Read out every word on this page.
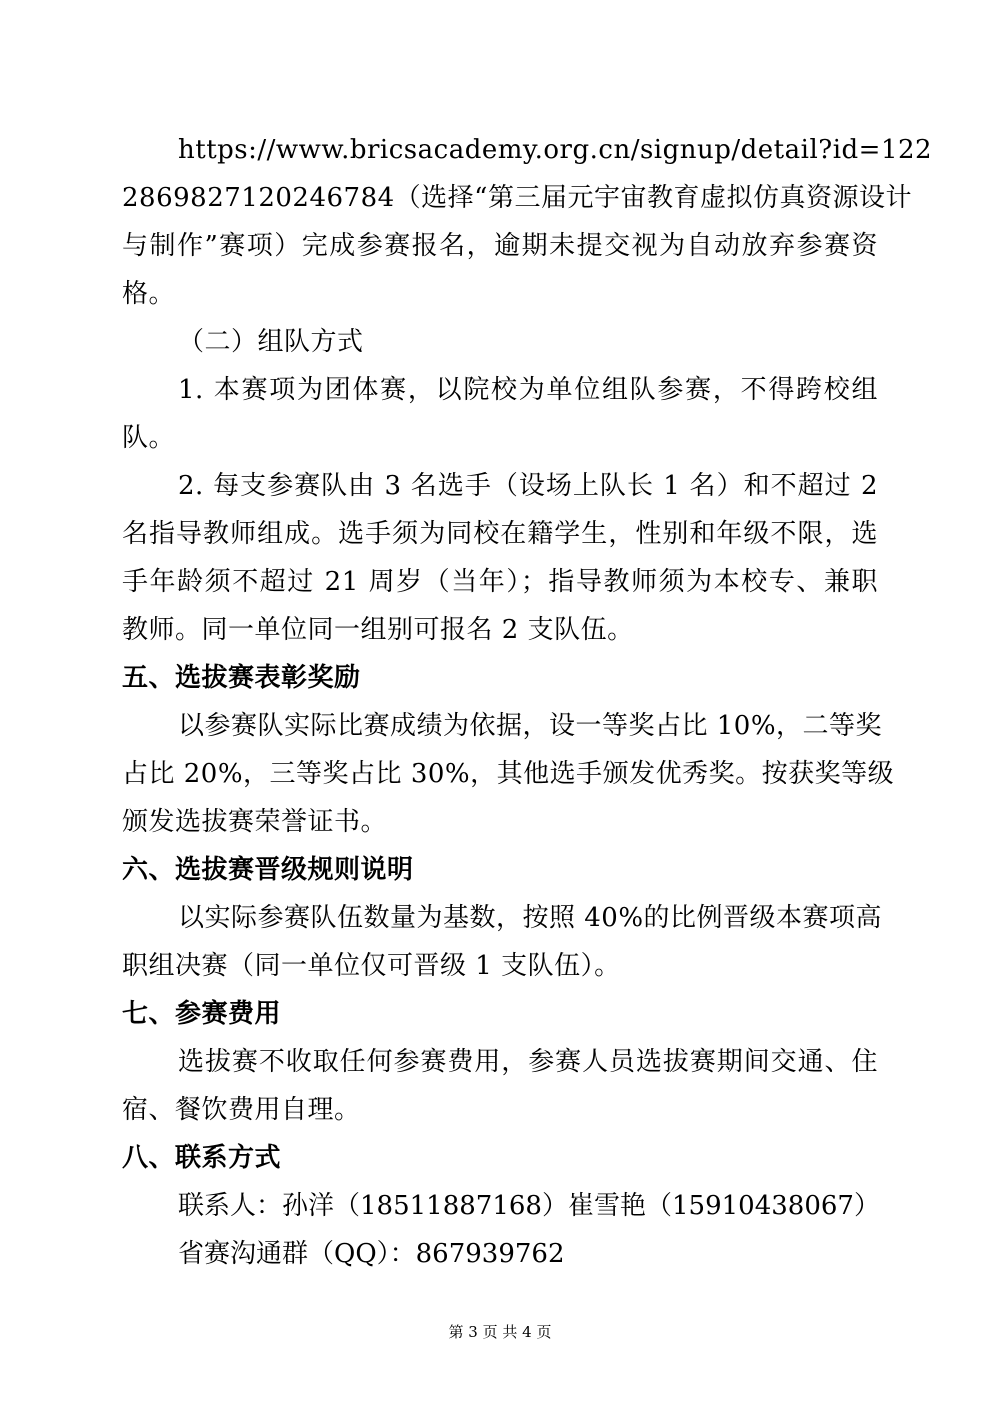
https://www.bricsacademy.org.cn/signup/detail?id=122
2869827120246784（选择“第三届元宇宙教育虚拟仿真资源设计
与制作”赛项）完成参赛报名，逾期未提交视为自动放弃参赛资
格。
（二）组队方式
1. 本赛项为团体赛，以院校为单位组队参赛，不得跨校组
队。
2. 每支参赛队由 3 名选手（设场上队长 1 名）和不超过 2
名指导教师组成。选手须为同校在籍学生，性别和年级不限，选
手年龄须不超过 21 周岁（当年）；指导教师须为本校专、兼职
教师。同一单位同一组别可报名 2 支队伍。
五、选拔赛表彰奖励
以参赛队实际比赛成绩为依据，设一等奖占比 10%，二等奖
占比 20%，三等奖占比 30%，其他选手颁发优秀奖。按获奖等级
颁发选拔赛荣誉证书。
六、选拔赛晋级规则说明
以实际参赛队伍数量为基数，按照 40%的比例晋级本赛项高
职组决赛（同一单位仅可晋级 1 支队伍）。
七、参赛费用
选拔赛不收取任何参赛费用，参赛人员选拔赛期间交通、住
宿、餐饮费用自理。
八、联系方式
联系人：孙洋（18511887168） 崔雪艳（15910438067）
省赛沟通群（QQ）：867939762
第 3 页 共 4 页
